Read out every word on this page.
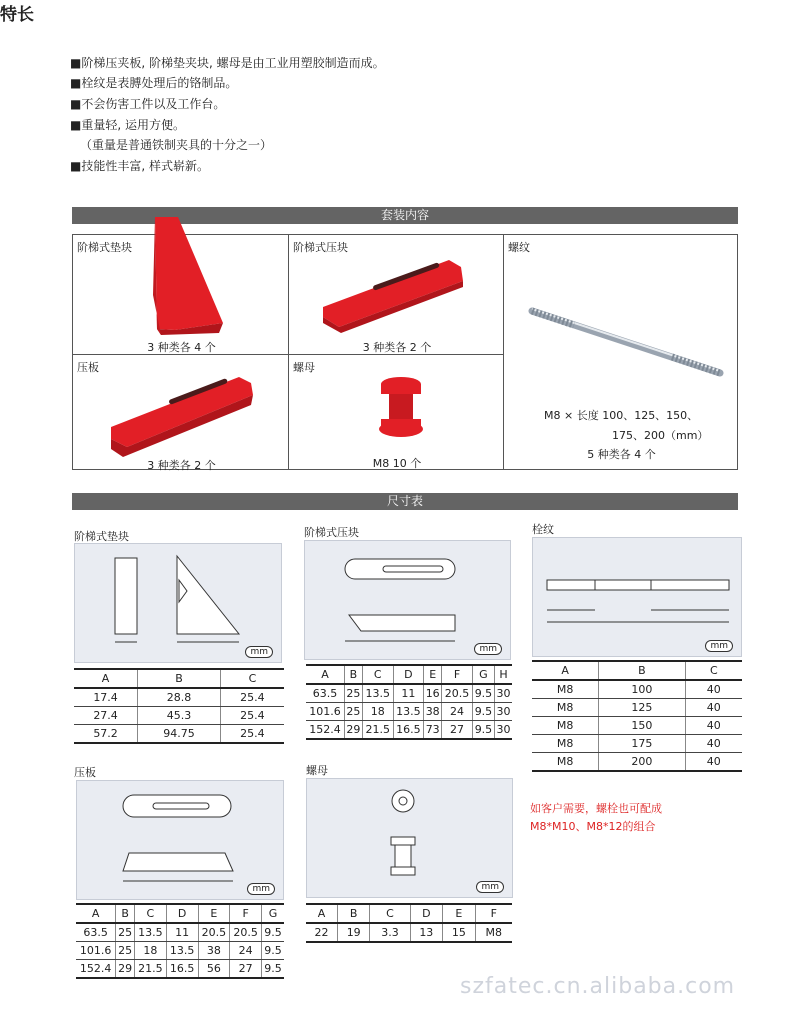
特长
■阶梯压夹板, 阶梯垫夹块, 螺母是由工业用塑胶制造而成。
■栓纹是表膊处理后的铬制品。
■不会伤害工件以及工作台。
■重量轻, 运用方便。
（重量是普通铁制夹具的十分之一）
■技能性丰富, 样式崭新。
套装内容
阶梯式垫块
3 种类各 4 个
阶梯式压块
3 种类各 2 个
螺纹
M8 × 长度 100、125、150、
175、200（mm）
5 种类各 4 个
压板
3 种类各 2 个
螺母
M8 10 个
尺寸表
阶梯式垫块
mm
A	B	C
17.4	28.8	25.4
27.4	45.3	25.4
57.2	94.75	25.4
阶梯式压块
mm
A	B	C	D	E	F	G	H
63.5	25	13.5	11	16	20.5	9.5	30
101.6	25	18	13.5	38	24	9.5	30
152.4	29	21.5	16.5	73	27	9.5	30
栓纹
mm
A	B	C
M8	100	40
M8	125	40
M8	150	40
M8	175	40
M8	200	40
压板
mm
A	B	C	D	E	F	G
63.5	25	13.5	11	20.5	20.5	9.5
101.6	25	18	13.5	38	24	9.5
152.4	29	21.5	16.5	56	27	9.5
螺母
mm
A	B	C	D	E	F
22	19	3.3	13	15	M8
如客户需要，螺栓也可配成
M8*M10、M8*12的组合
szfatec.cn.alibaba.com
